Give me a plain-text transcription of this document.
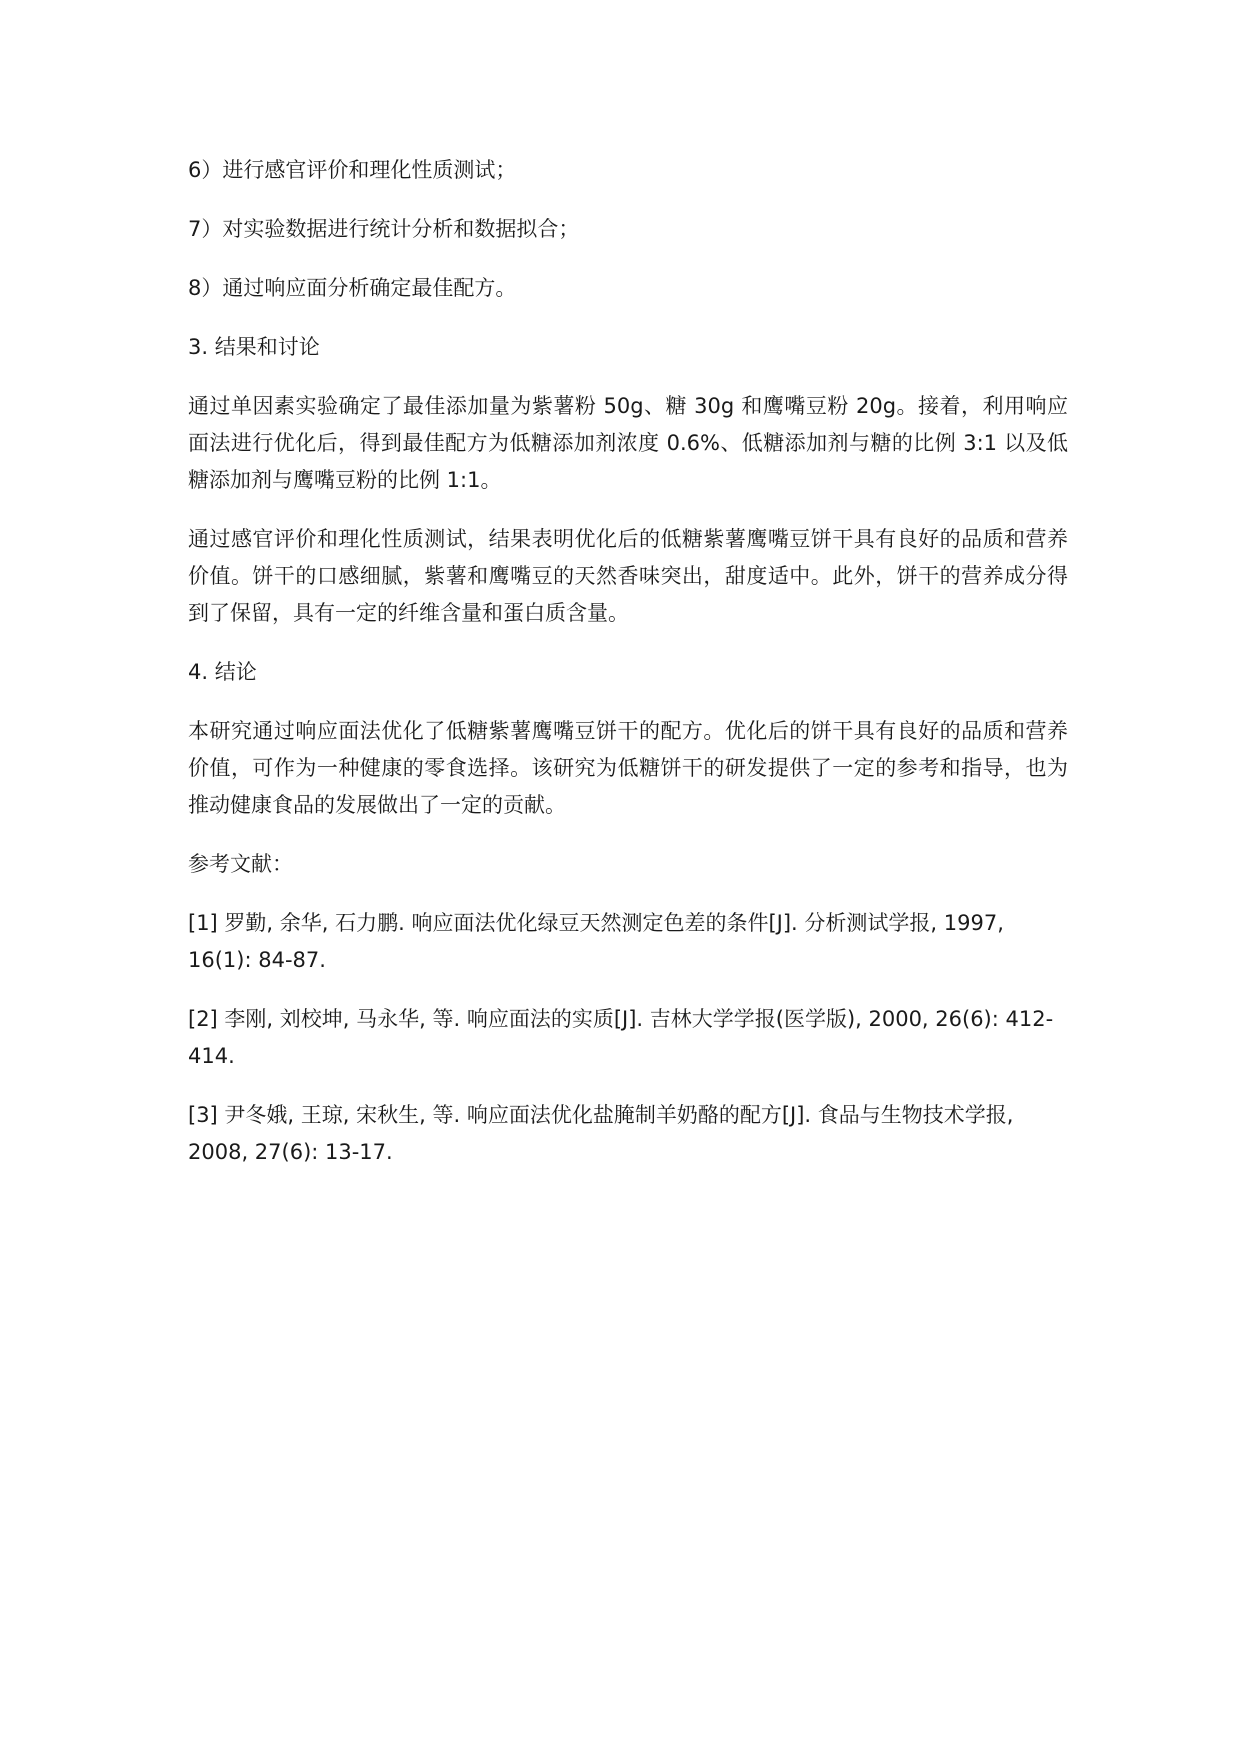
6）进行感官评价和理化性质测试；

7）对实验数据进行统计分析和数据拟合；

8）通过响应面分析确定最佳配方。

3. 结果和讨论

通过单因素实验确定了最佳添加量为紫薯粉 50g、糖 30g 和鹰嘴豆粉 20g。接着，利用响应面法进行优化后，得到最佳配方为低糖添加剂浓度 0.6%、低糖添加剂与糖的比例 3:1 以及低糖添加剂与鹰嘴豆粉的比例 1:1。

通过感官评价和理化性质测试，结果表明优化后的低糖紫薯鹰嘴豆饼干具有良好的品质和营养价值。饼干的口感细腻，紫薯和鹰嘴豆的天然香味突出，甜度适中。此外，饼干的营养成分得到了保留，具有一定的纤维含量和蛋白质含量。

4. 结论

本研究通过响应面法优化了低糖紫薯鹰嘴豆饼干的配方。优化后的饼干具有良好的品质和营养价值，可作为一种健康的零食选择。该研究为低糖饼干的研发提供了一定的参考和指导，也为推动健康食品的发展做出了一定的贡献。

参考文献：

[1] 罗勤, 余华, 石力鹏. 响应面法优化绿豆天然测定色差的条件[J]. 分析测试学报, 1997, 16(1): 84-87.

[2] 李刚, 刘校坤, 马永华, 等. 响应面法的实质[J]. 吉林大学学报(医学版), 2000, 26(6): 412-414.

[3] 尹冬娥, 王琼, 宋秋生, 等. 响应面法优化盐腌制羊奶酪的配方[J]. 食品与生物技术学报, 2008, 27(6): 13-17.
